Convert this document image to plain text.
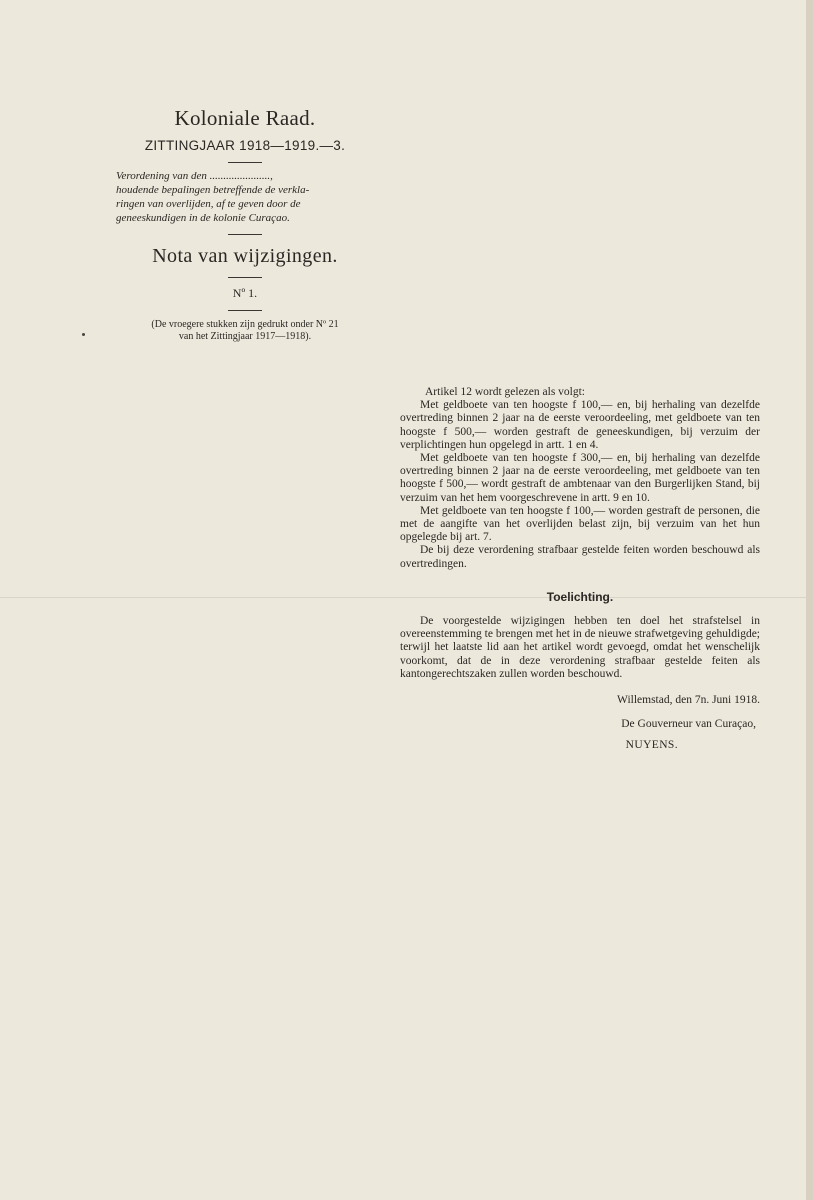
Koloniale Raad.
ZITTINGJAAR 1918—1919.—3.
Verordening van den ......................,
houdende bepalingen betreffende de verkla-
ringen van overlijden, af te geven door de
geneeskundigen in de kolonie Curaçao.
Nota van wijzigingen.
Nº 1.
(De vroegere stukken zijn gedrukt onder Nº 21
van het Zittingjaar 1917—1918).

Artikel 12 wordt gelezen als volgt:

Met geldboete van ten hoogste f 100,— en, bij herhaling van dezelfde overtreding binnen 2 jaar na de eerste veroordeeling, met geldboete van ten hoogste f 500,— worden gestraft de geneeskundigen, bij verzuim der verplichtingen hun opgelegd in artt. 1 en 4.

Met geldboete van ten hoogste f 300,— en, bij herhaling van dezelfde overtreding binnen 2 jaar na de eerste veroordeeling, met geldboete van ten hoogste f 500,— wordt gestraft de ambtenaar van den Burgerlijken Stand, bij verzuim van het hem voorgeschrevene in artt. 9 en 10.

Met geldboete van ten hoogste f 100,— worden gestraft de personen, die met de aangifte van het overlijden belast zijn, bij verzuim van het hun opgelegde bij art. 7.

De bij deze verordening strafbaar gestelde feiten worden beschouwd als overtredingen.

Toelichting.

De voorgestelde wijzigingen hebben ten doel het strafstelsel in overeenstemming te brengen met het in de nieuwe strafwetgeving gehuldigde; terwijl het laatste lid aan het artikel wordt gevoegd, omdat het wenschelijk voorkomt, dat de in deze verordening strafbaar gestelde feiten als kantongerechtszaken zullen worden beschouwd.

Willemstad, den 7n. Juni 1918.
De Gouverneur van Curaçao,
NUYENS.
